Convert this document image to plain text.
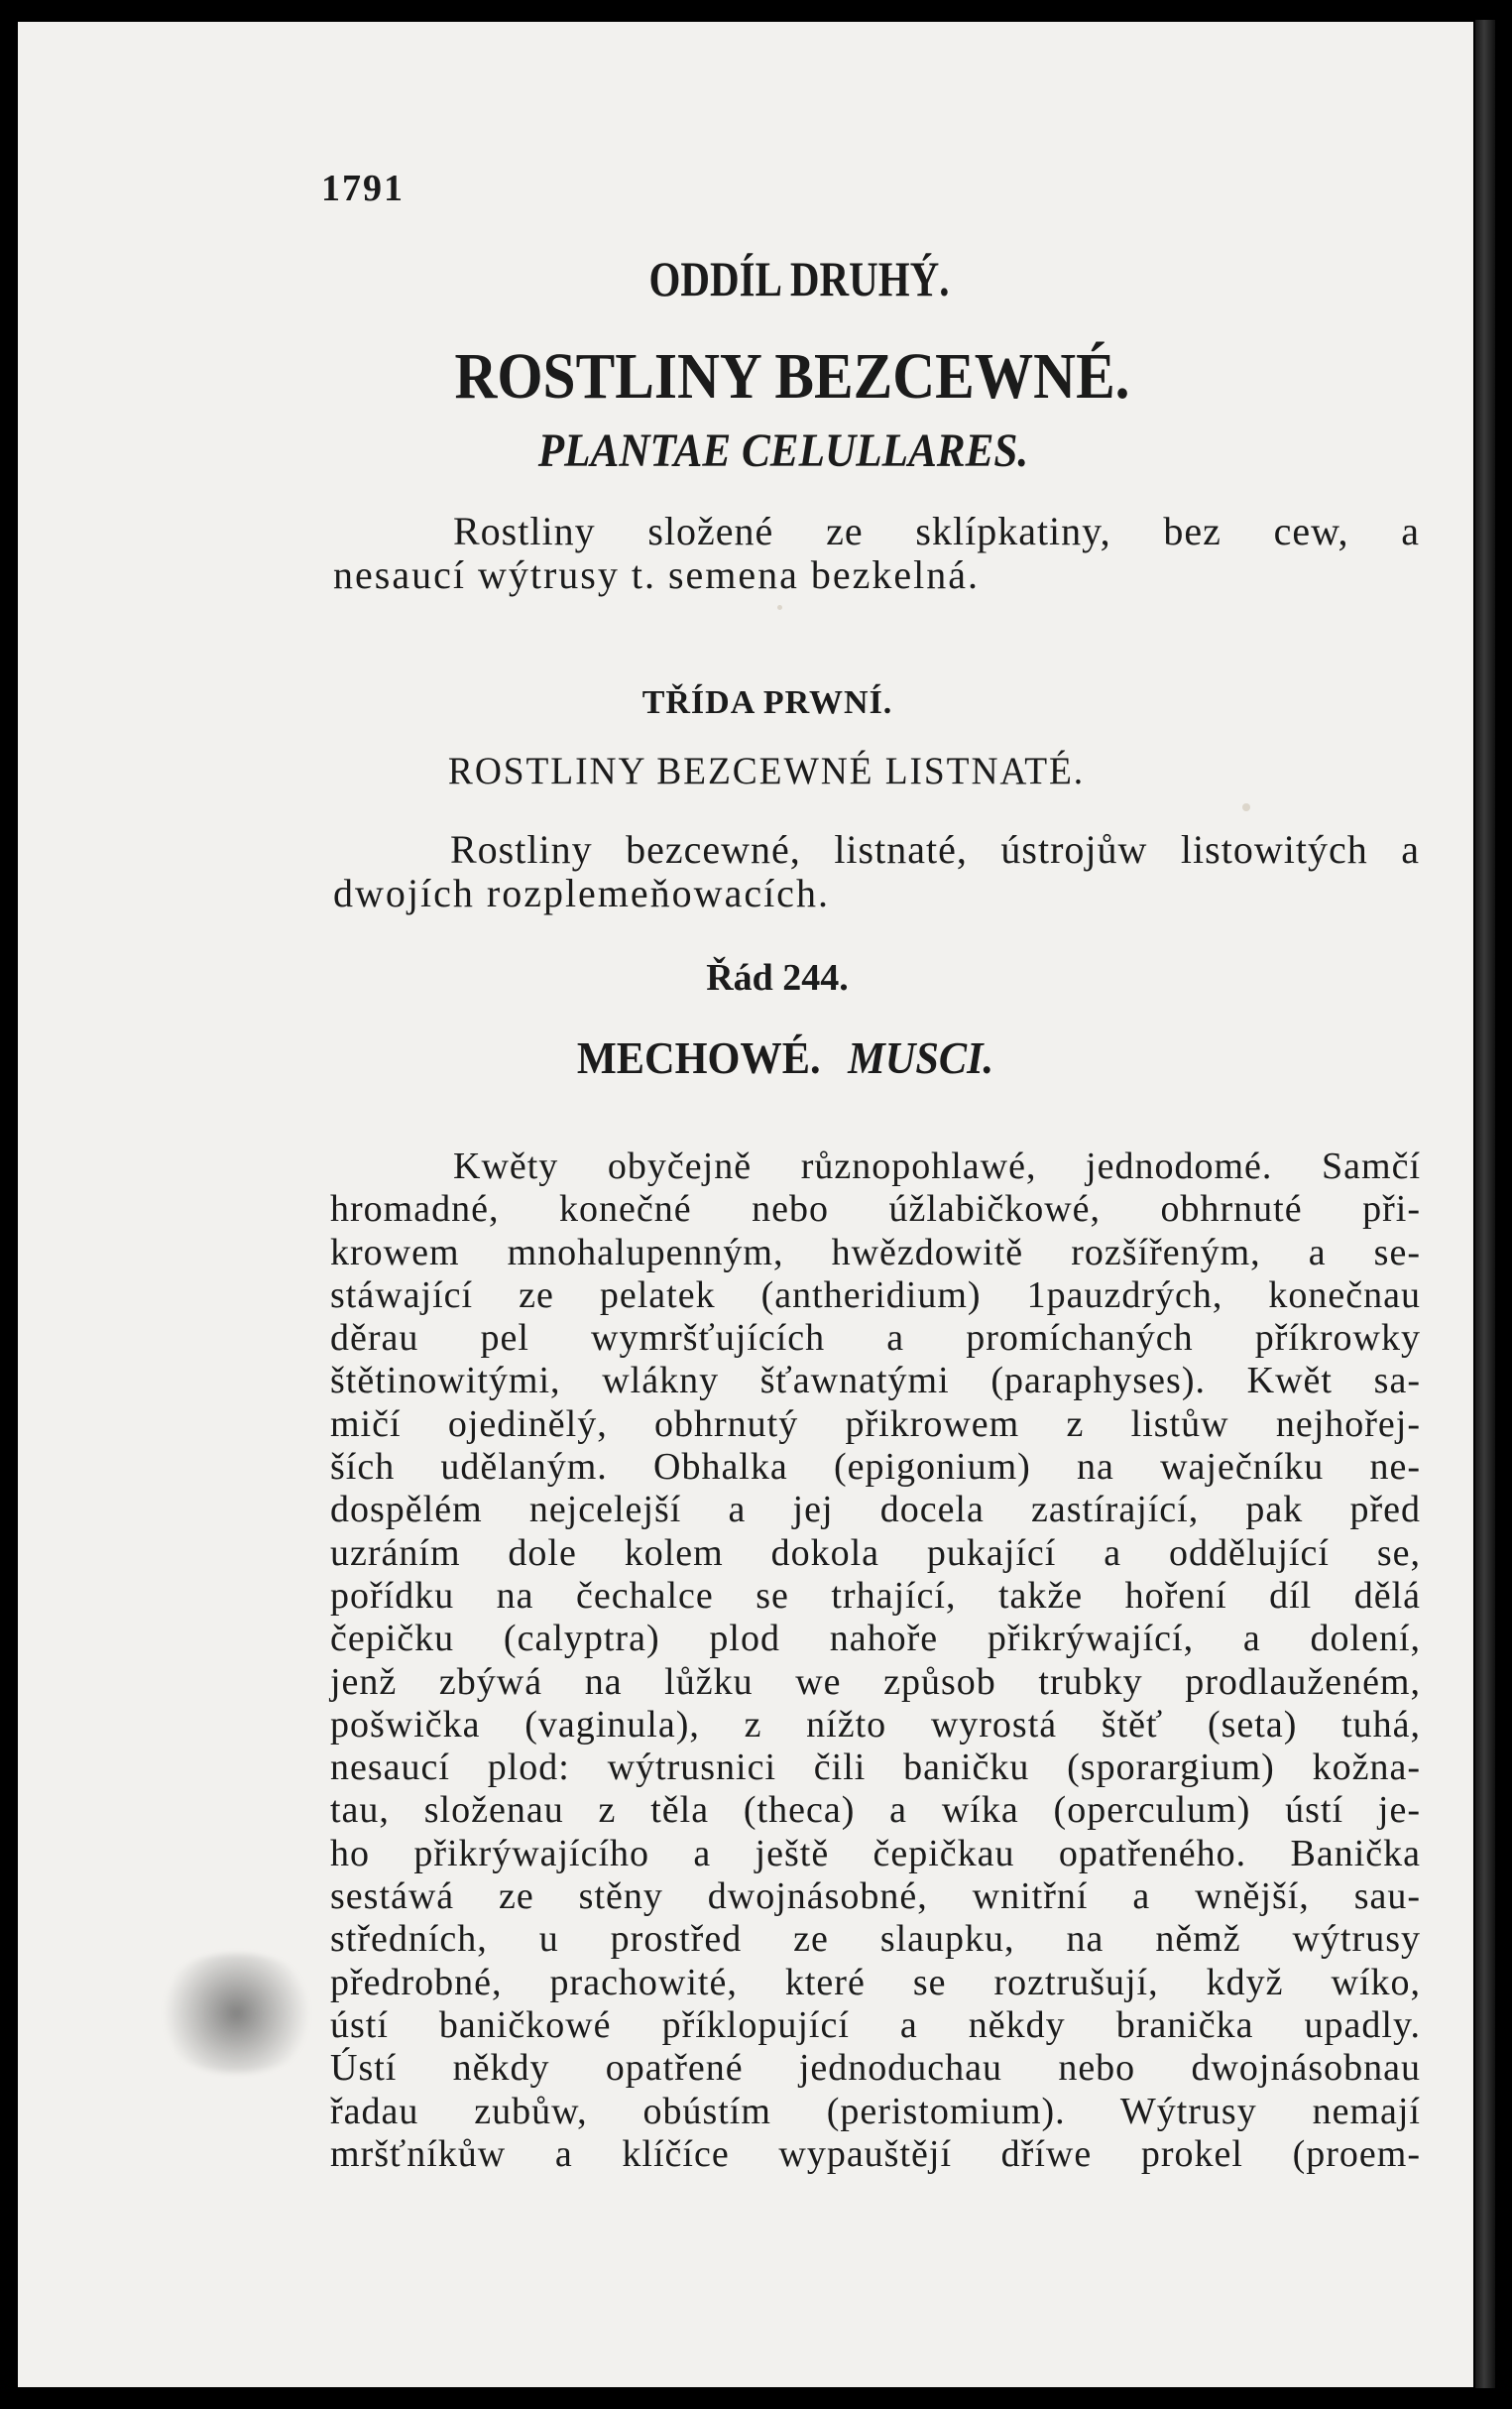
1791
ODDÍL DRUHÝ.
ROSTLINY BEZCEWNÉ.
PLANTAE CELULLARES.
Rostliny složené ze sklípkatiny, bez cew, a
nesaucí wýtrusy t. semena bezkelná.
TŘÍDA PRWNÍ.
ROSTLINY BEZCEWNÉ LISTNATÉ.
Rostliny bezcewné, listnaté, ústrojůw listowitých a
dwojích rozplemeňowacích.
Řád 244.
MECHOWÉ. MUSCI.
Kwěty obyčejně různopohlawé, jednodomé. Samčí
hromadné, konečné nebo úžlabičkowé, obhrnuté při-
krowem mnohalupenným, hwězdowitě rozšířeným, a se-
stáwající ze pelatek (antheridium) 1pauzdrých, konečnau
děrau pel wymršťujících a promíchaných příkrowky
štětinowitými, wlákny šťawnatými (paraphyses). Kwět sa-
mičí ojedinělý, obhrnutý přikrowem z listůw nejhořej-
ších udělaným. Obhalka (epigonium) na waječníku ne-
dospělém nejcelejší a jej docela zastírající, pak před
uzráním dole kolem dokola pukající a oddělující se,
pořídku na čechalce se trhající, takže hoření díl dělá
čepičku (calyptra) plod nahoře přikrýwající, a dolení,
jenž zbýwá na lůžku we způsob trubky prodlauženém,
pošwička (vaginula), z nížto wyrostá štěť (seta) tuhá,
nesaucí plod: wýtrusnici čili baničku (sporargium) kožna-
tau, složenau z těla (theca) a wíka (operculum) ústí je-
ho přikrýwajícího a ještě čepičkau opatřeného. Banička
sestáwá ze stěny dwojnásobné, wnitřní a wnější, sau-
středních, u prostřed ze slaupku, na němž wýtrusy
předrobné, prachowité, které se roztrušují, když wíko,
ústí baničkowé příklopující a někdy branička upadly.
Ústí někdy opatřené jednoduchau nebo dwojnásobnau
řadau zubůw, obústím (peristomium). Wýtrusy nemají
mršťníkůw a klíčíce wypauštějí dříwe prokel (proem-
